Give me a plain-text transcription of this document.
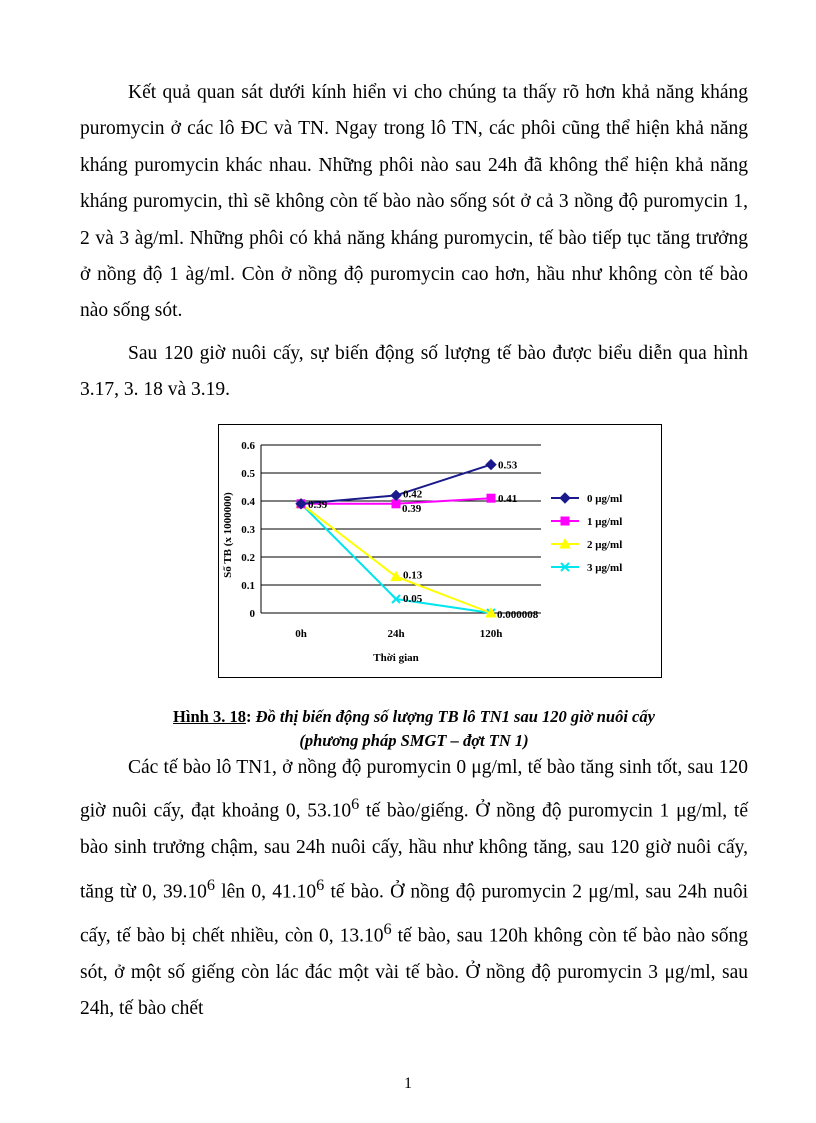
Kết quả quan sát dưới kính hiển vi cho chúng ta thấy rõ hơn khả năng kháng puromycin ở các lô ĐC và TN. Ngay trong lô TN, các phôi cũng thể hiện khả năng kháng puromycin khác nhau. Những phôi nào sau 24h đã không thể hiện khả năng kháng puromycin, thì sẽ không còn tế bào nào sống sót ở cả 3 nồng độ puromycin 1, 2 và 3 àg/ml. Những phôi có khả năng kháng puromycin, tế bào tiếp tục tăng trưởng ở nồng độ 1 àg/ml. Còn ở nồng độ puromycin cao hơn, hầu như không còn tế bào nào sống sót.

Sau 120 giờ nuôi cấy, sự biến động số lượng tế bào được biểu diễn qua hình 3.17, 3. 18 và 3.19.

0.6
0.5
0.4
0.3
0.2
0.1
0
0h	24h	120h
0.39
0.42
0.53
0.39
0.41
0.13
0.05
0.000008
0 μg/ml
1 μg/ml
2 μg/ml
3 μg/ml
Thời gian
Số TB (x 1000000)

Hình 3. 18: Đồ thị biến động số lượng TB lô TN1 sau 120 giờ nuôi cấy

(phương pháp SMGT – đợt TN 1)

Các tế bào lô TN1, ở nồng độ puromycin 0 μg/ml, tế bào tăng sinh tốt, sau 120 giờ nuôi cấy, đạt khoảng 0, 53.10$^6$ tế bào/giếng. Ở nồng độ puromycin 1 μg/ml, tế bào sinh trưởng chậm, sau 24h nuôi cấy, hầu như không tăng, sau 120 giờ nuôi cấy, tăng từ 0, 39.10$^6$ lên 0, 41.10$^6$ tế bào. Ở nồng độ puromycin 2 μg/ml, sau 24h nuôi cấy, tế bào bị chết nhiều, còn 0, 13.10$^6$ tế bào, sau 120h không còn tế bào nào sống sót, ở một số giếng còn lác đác một vài tế bào. Ở nồng độ puromycin 3 μg/ml, sau 24h, tế bào chết

1
